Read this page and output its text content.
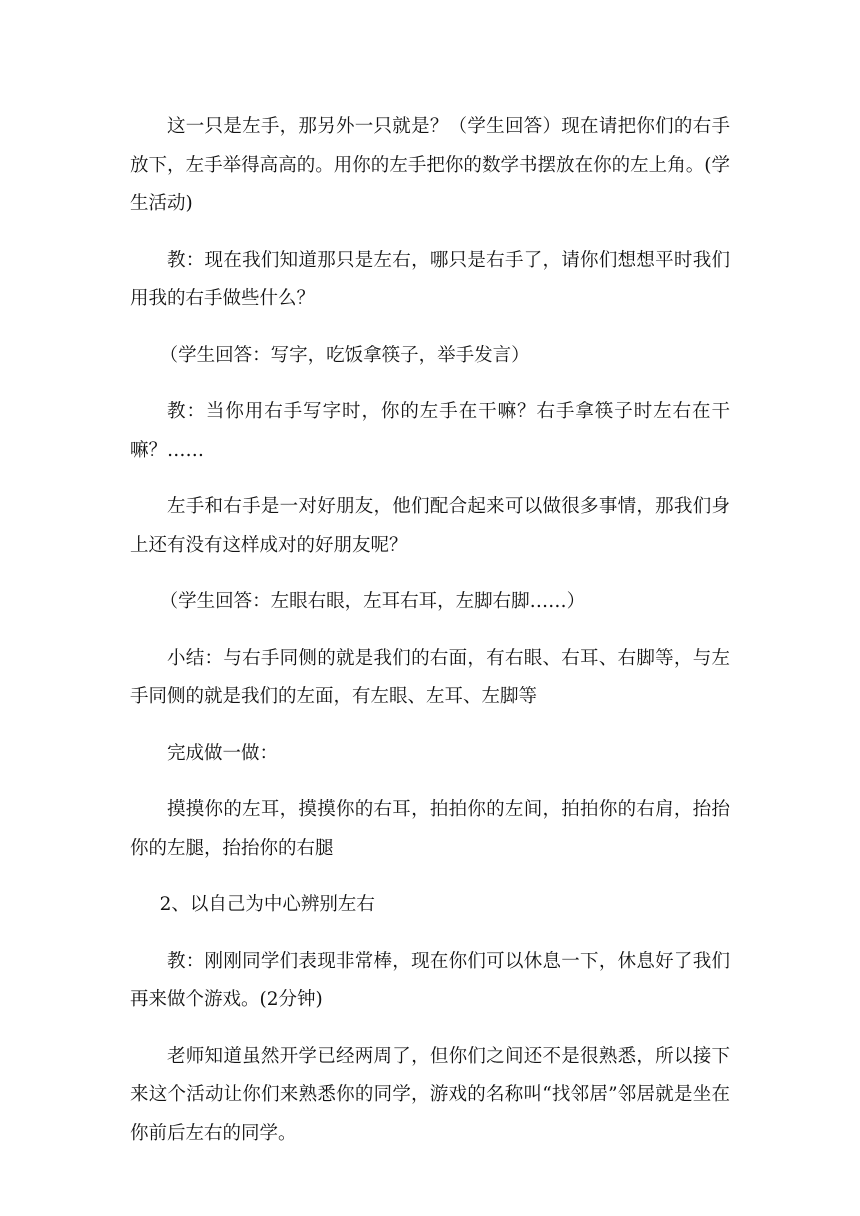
这一只是左手，那另外一只就是？（学生回答）现在请把你们的右手放下，左手举得高高的。用你的左手把你的数学书摆放在你的左上角。(学生活动)

教：现在我们知道那只是左右，哪只是右手了，请你们想想平时我们用我的右手做些什么？

（学生回答：写字，吃饭拿筷子，举手发言）

教：当你用右手写字时，你的左手在干嘛？右手拿筷子时左右在干嘛？……

左手和右手是一对好朋友，他们配合起来可以做很多事情，那我们身上还有没有这样成对的好朋友呢？

（学生回答：左眼右眼，左耳右耳，左脚右脚……）

小结：与右手同侧的就是我们的右面，有右眼、右耳、右脚等，与左手同侧的就是我们的左面，有左眼、左耳、左脚等

完成做一做：

摸摸你的左耳，摸摸你的右耳，拍拍你的左间，拍拍你的右肩，抬抬你的左腿，抬抬你的右腿

2、以自己为中心辨别左右

教：刚刚同学们表现非常棒，现在你们可以休息一下，休息好了我们再来做个游戏。(2分钟)

老师知道虽然开学已经两周了，但你们之间还不是很熟悉，所以接下来这个活动让你们来熟悉你的同学，游戏的名称叫“找邻居”邻居就是坐在你前后左右的同学。
